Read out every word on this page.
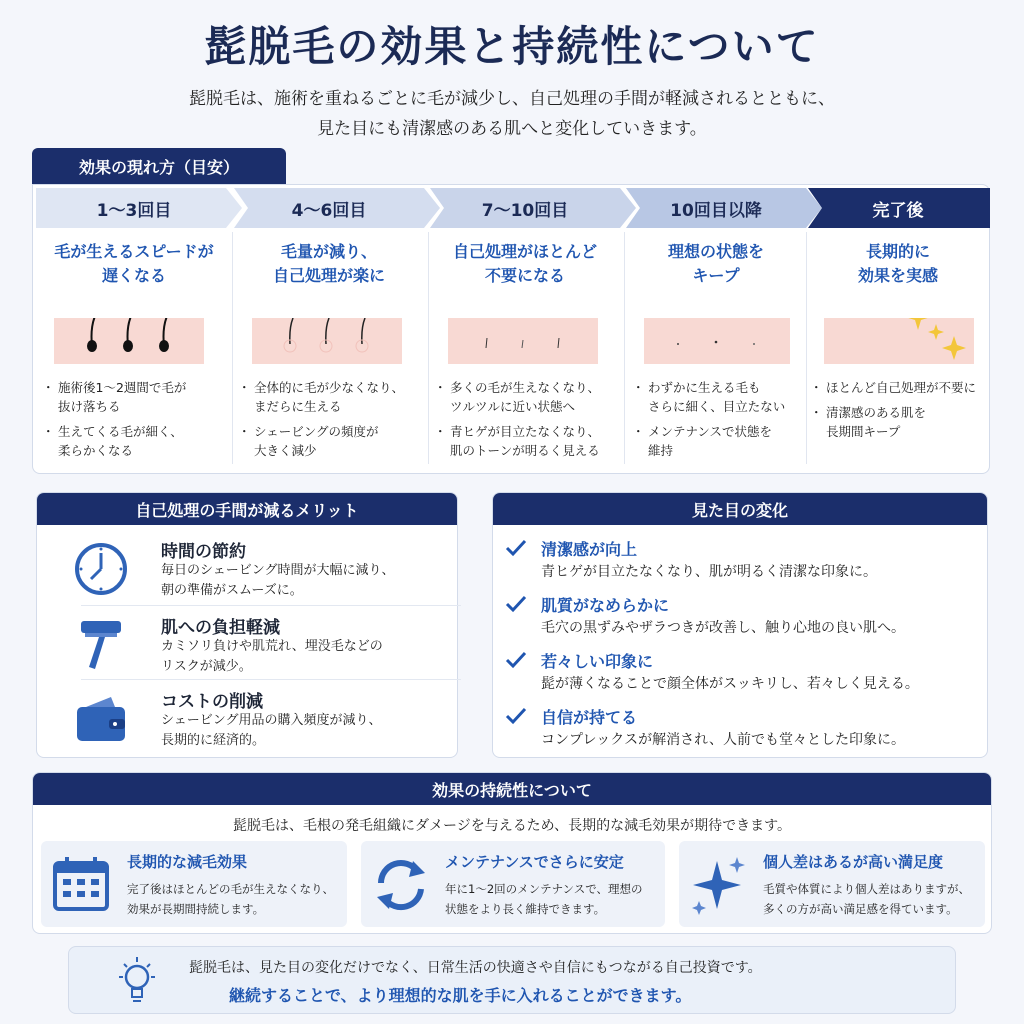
髭脱毛の効果と持続性について
髭脱毛は、施術を重ねるごとに毛が減少し、自己処理の手間が軽減されるとともに、
見た目にも清潔感のある肌へと変化していきます。
効果の現れ方（目安）
1〜3回目
毛が生えるスピードが
遅くなる
・ 施術後1〜2週間で毛が
抜け落ちる
・ 生えてくる毛が細く、
柔らかくなる
4〜6回目
毛量が減り、
自己処理が楽に
・ 全体的に毛が少なくなり、
まだらに生える
・ シェービングの頻度が
大きく減少
7〜10回目
自己処理がほとんど
不要になる
・ 多くの毛が生えなくなり、
ツルツルに近い状態へ
・ 青ヒゲが目立たなくなり、
肌のトーンが明るく見える
10回目以降
理想の状態を
キープ
・ わずかに生える毛も
さらに細く、目立たない
・ メンテナンスで状態を
維持
完了後
長期的に
効果を実感
・ ほとんど自己処理が不要に
・ 清潔感のある肌を
長期間キープ
自己処理の手間が減るメリット
時間の節約
毎日のシェービング時間が大幅に減り、
朝の準備がスムーズに。
肌への負担軽減
カミソリ負けや肌荒れ、埋没毛などの
リスクが減少。
コストの削減
シェービング用品の購入頻度が減り、
長期的に経済的。
見た目の変化
清潔感が向上
青ヒゲが目立たなくなり、肌が明るく清潔な印象に。
肌質がなめらかに
毛穴の黒ずみやザラつきが改善し、触り心地の良い肌へ。
若々しい印象に
髭が薄くなることで顔全体がスッキリし、若々しく見える。
自信が持てる
コンプレックスが解消され、人前でも堂々とした印象に。
効果の持続性について
髭脱毛は、毛根の発毛組織にダメージを与えるため、長期的な減毛効果が期待できます。
長期的な減毛効果
完了後はほとんどの毛が生えなくなり、
効果が長期間持続します。
メンテナンスでさらに安定
年に1〜2回のメンテナンスで、理想の
状態をより長く維持できます。
個人差はあるが高い満足度
毛質や体質により個人差はありますが、
多くの方が高い満足感を得ています。
髭脱毛は、見た目の変化だけでなく、日常生活の快適さや自信にもつながる自己投資です。
継続することで、より理想的な肌を手に入れることができます。
